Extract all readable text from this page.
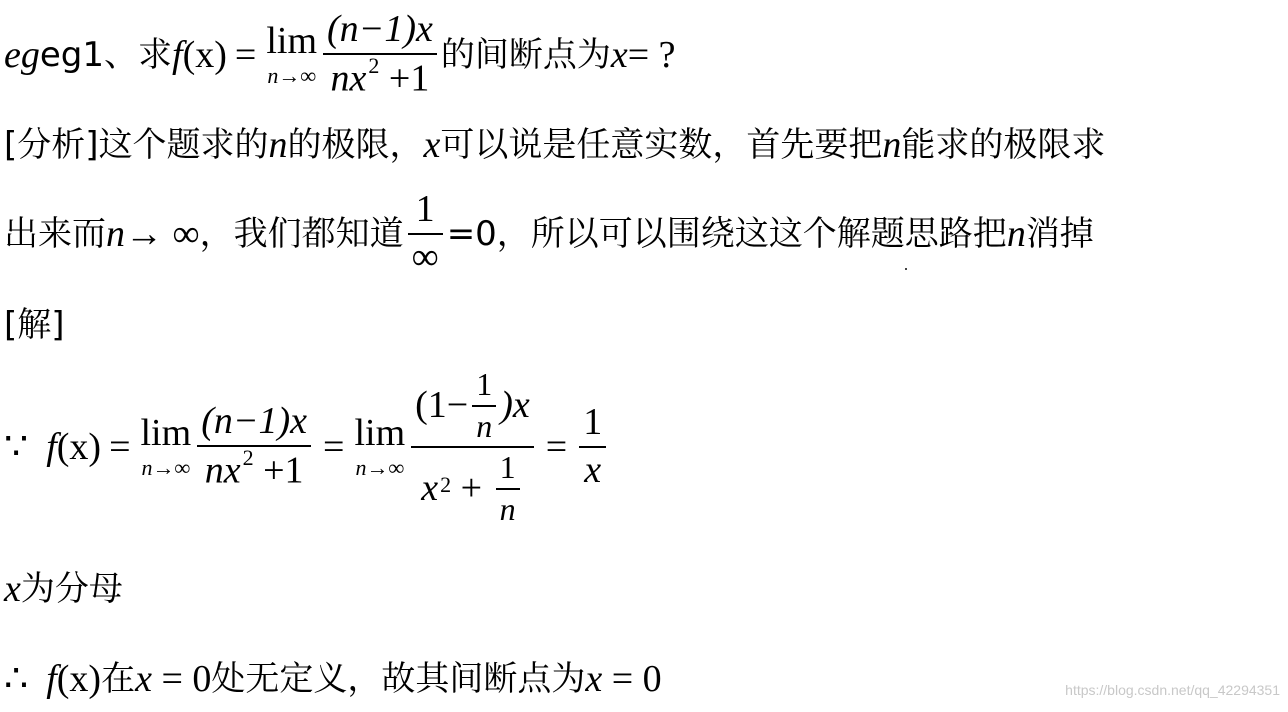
eg eg1、求 f (x) = lim
$n\to\infty \frac{(n-1)x}{nx^2 +1}$ 的间断点为 x = ?
[分析]这个题求的 n 的极限， x 可以说是任意实数，首先要把 n 能求的极限求
出来而 n → ∞ ，我们都知道 $\frac{1}{\infty} =0$，所以可以围绕这这个解题思路把 n 消掉
[解]
∵ f (x) = lim
$n\to\infty \frac{(n-1)x}{nx^2 +1} = \lim$
$n\to\infty \frac{(1- \frac{1}{n} )x}{x^2 + \frac{1}{n}} = \frac{1}{x}$
x 为分母
∴ f (x) 在 x = 0 处无定义，故其间断点为 x = 0	https://blog.csdn.net/qq_42294351
